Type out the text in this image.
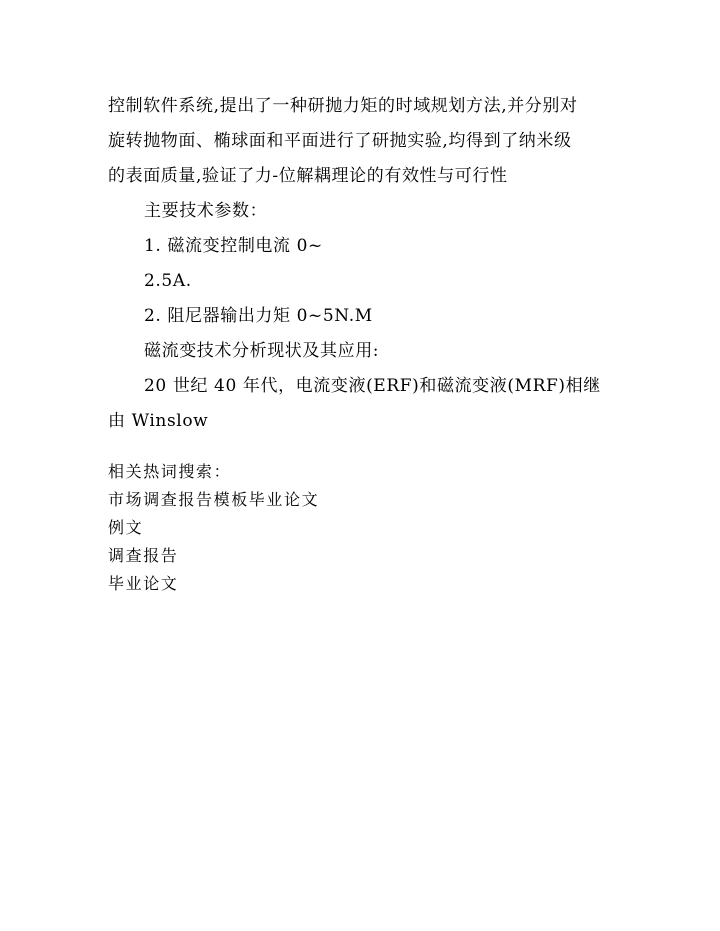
控制软件系统,提出了一种研抛力矩的时域规划方法,并分别对
旋转抛物面、椭球面和平面进行了研抛实验,均得到了纳米级
的表面质量,验证了力-位解耦理论的有效性与可行性
主要技术参数：
1. 磁流变控制电流 0~
2.5A.
2. 阻尼器输出力矩 0~5N.M
磁流变技术分析现状及其应用:
20 世纪 40 年代，电流变液(ERF)和磁流变液(MRF)相继
由 Winslow
相关热词搜索：
市场调查报告模板毕业论文
例文
调查报告
毕业论文
